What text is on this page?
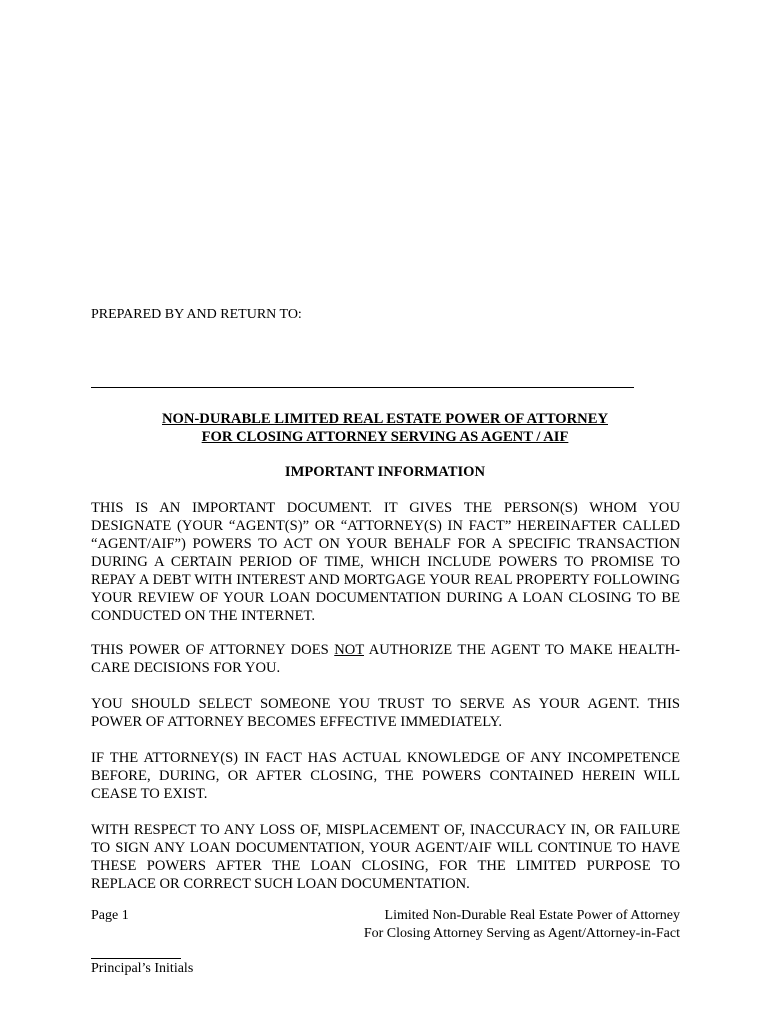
PREPARED BY AND RETURN TO:
NON-DURABLE LIMITED REAL ESTATE POWER OF ATTORNEY
FOR CLOSING ATTORNEY SERVING AS AGENT / AIF
IMPORTANT INFORMATION

THIS IS AN IMPORTANT DOCUMENT. IT GIVES THE PERSON(S) WHOM YOU DESIGNATE (YOUR “AGENT(S)” OR “ATTORNEY(S) IN FACT” HEREINAFTER CALLED “AGENT/AIF”) POWERS TO ACT ON YOUR BEHALF FOR A SPECIFIC TRANSACTION DURING A CERTAIN PERIOD OF TIME, WHICH INCLUDE POWERS TO PROMISE TO REPAY A DEBT WITH INTEREST AND MORTGAGE YOUR REAL PROPERTY FOLLOWING YOUR REVIEW OF YOUR LOAN DOCUMENTATION DURING A LOAN CLOSING TO BE CONDUCTED ON THE INTERNET.

THIS POWER OF ATTORNEY DOES NOT AUTHORIZE THE AGENT TO MAKE HEALTH-CARE DECISIONS FOR YOU.

YOU SHOULD SELECT SOMEONE YOU TRUST TO SERVE AS YOUR AGENT. THIS POWER OF ATTORNEY BECOMES EFFECTIVE IMMEDIATELY.

IF THE ATTORNEY(S) IN FACT HAS ACTUAL KNOWLEDGE OF ANY INCOMPETENCE BEFORE, DURING, OR AFTER CLOSING, THE POWERS CONTAINED HEREIN WILL CEASE TO EXIST.

WITH RESPECT TO ANY LOSS OF, MISPLACEMENT OF, INACCURACY IN, OR FAILURE TO SIGN ANY LOAN DOCUMENTATION, YOUR AGENT/AIF WILL CONTINUE TO HAVE THESE POWERS AFTER THE LOAN CLOSING, FOR THE LIMITED PURPOSE TO REPLACE OR CORRECT SUCH LOAN DOCUMENTATION.

Page 1	Limited Non-Durable Real Estate Power of Attorney
For Closing Attorney Serving as Agent/Attorney-in-Fact
Principal’s Initials
